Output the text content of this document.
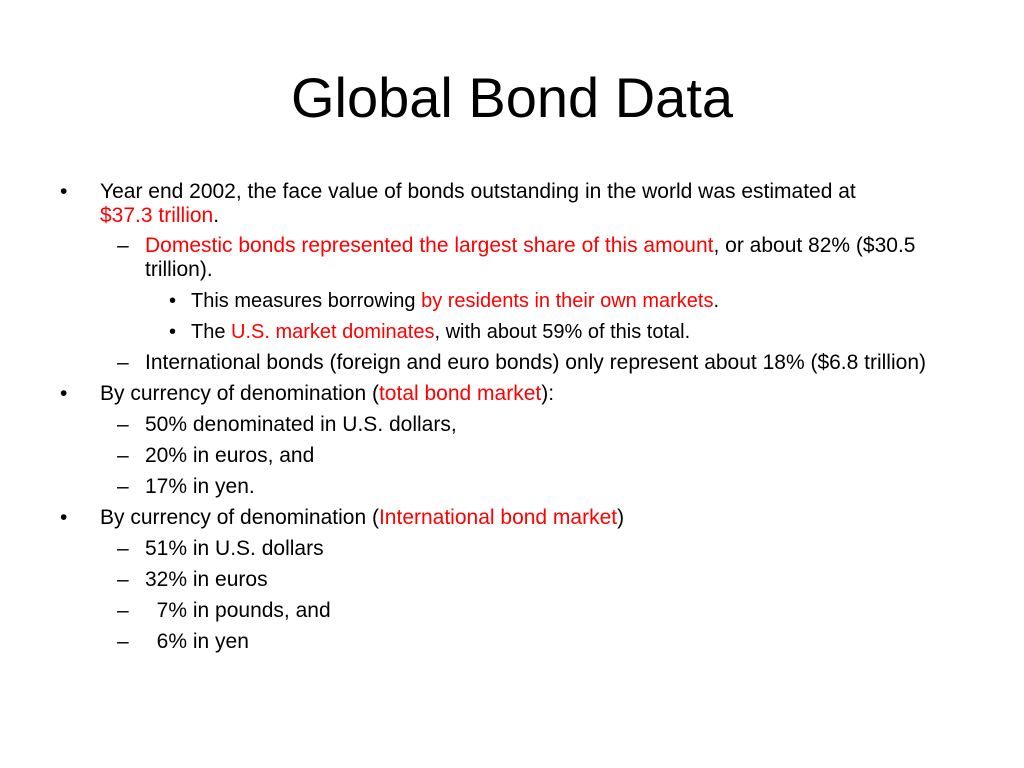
Global Bond Data
• Year end 2002, the face value of bonds outstanding in the world was estimated at $37.3 trillion.
– Domestic bonds represented the largest share of this amount, or about 82% ($30.5 trillion).
• This measures borrowing by residents in their own markets.
• The U.S. market dominates, with about 59% of this total.
– International bonds (foreign and euro bonds) only represent about 18% ($6.8 trillion)
• By currency of denomination (total bond market):
– 50% denominated in U.S. dollars,
– 20% in euros, and
– 17% in yen.
• By currency of denomination (International bond market)
– 51% in U.S. dollars
– 32% in euros
– 7% in pounds, and
– 6% in yen
